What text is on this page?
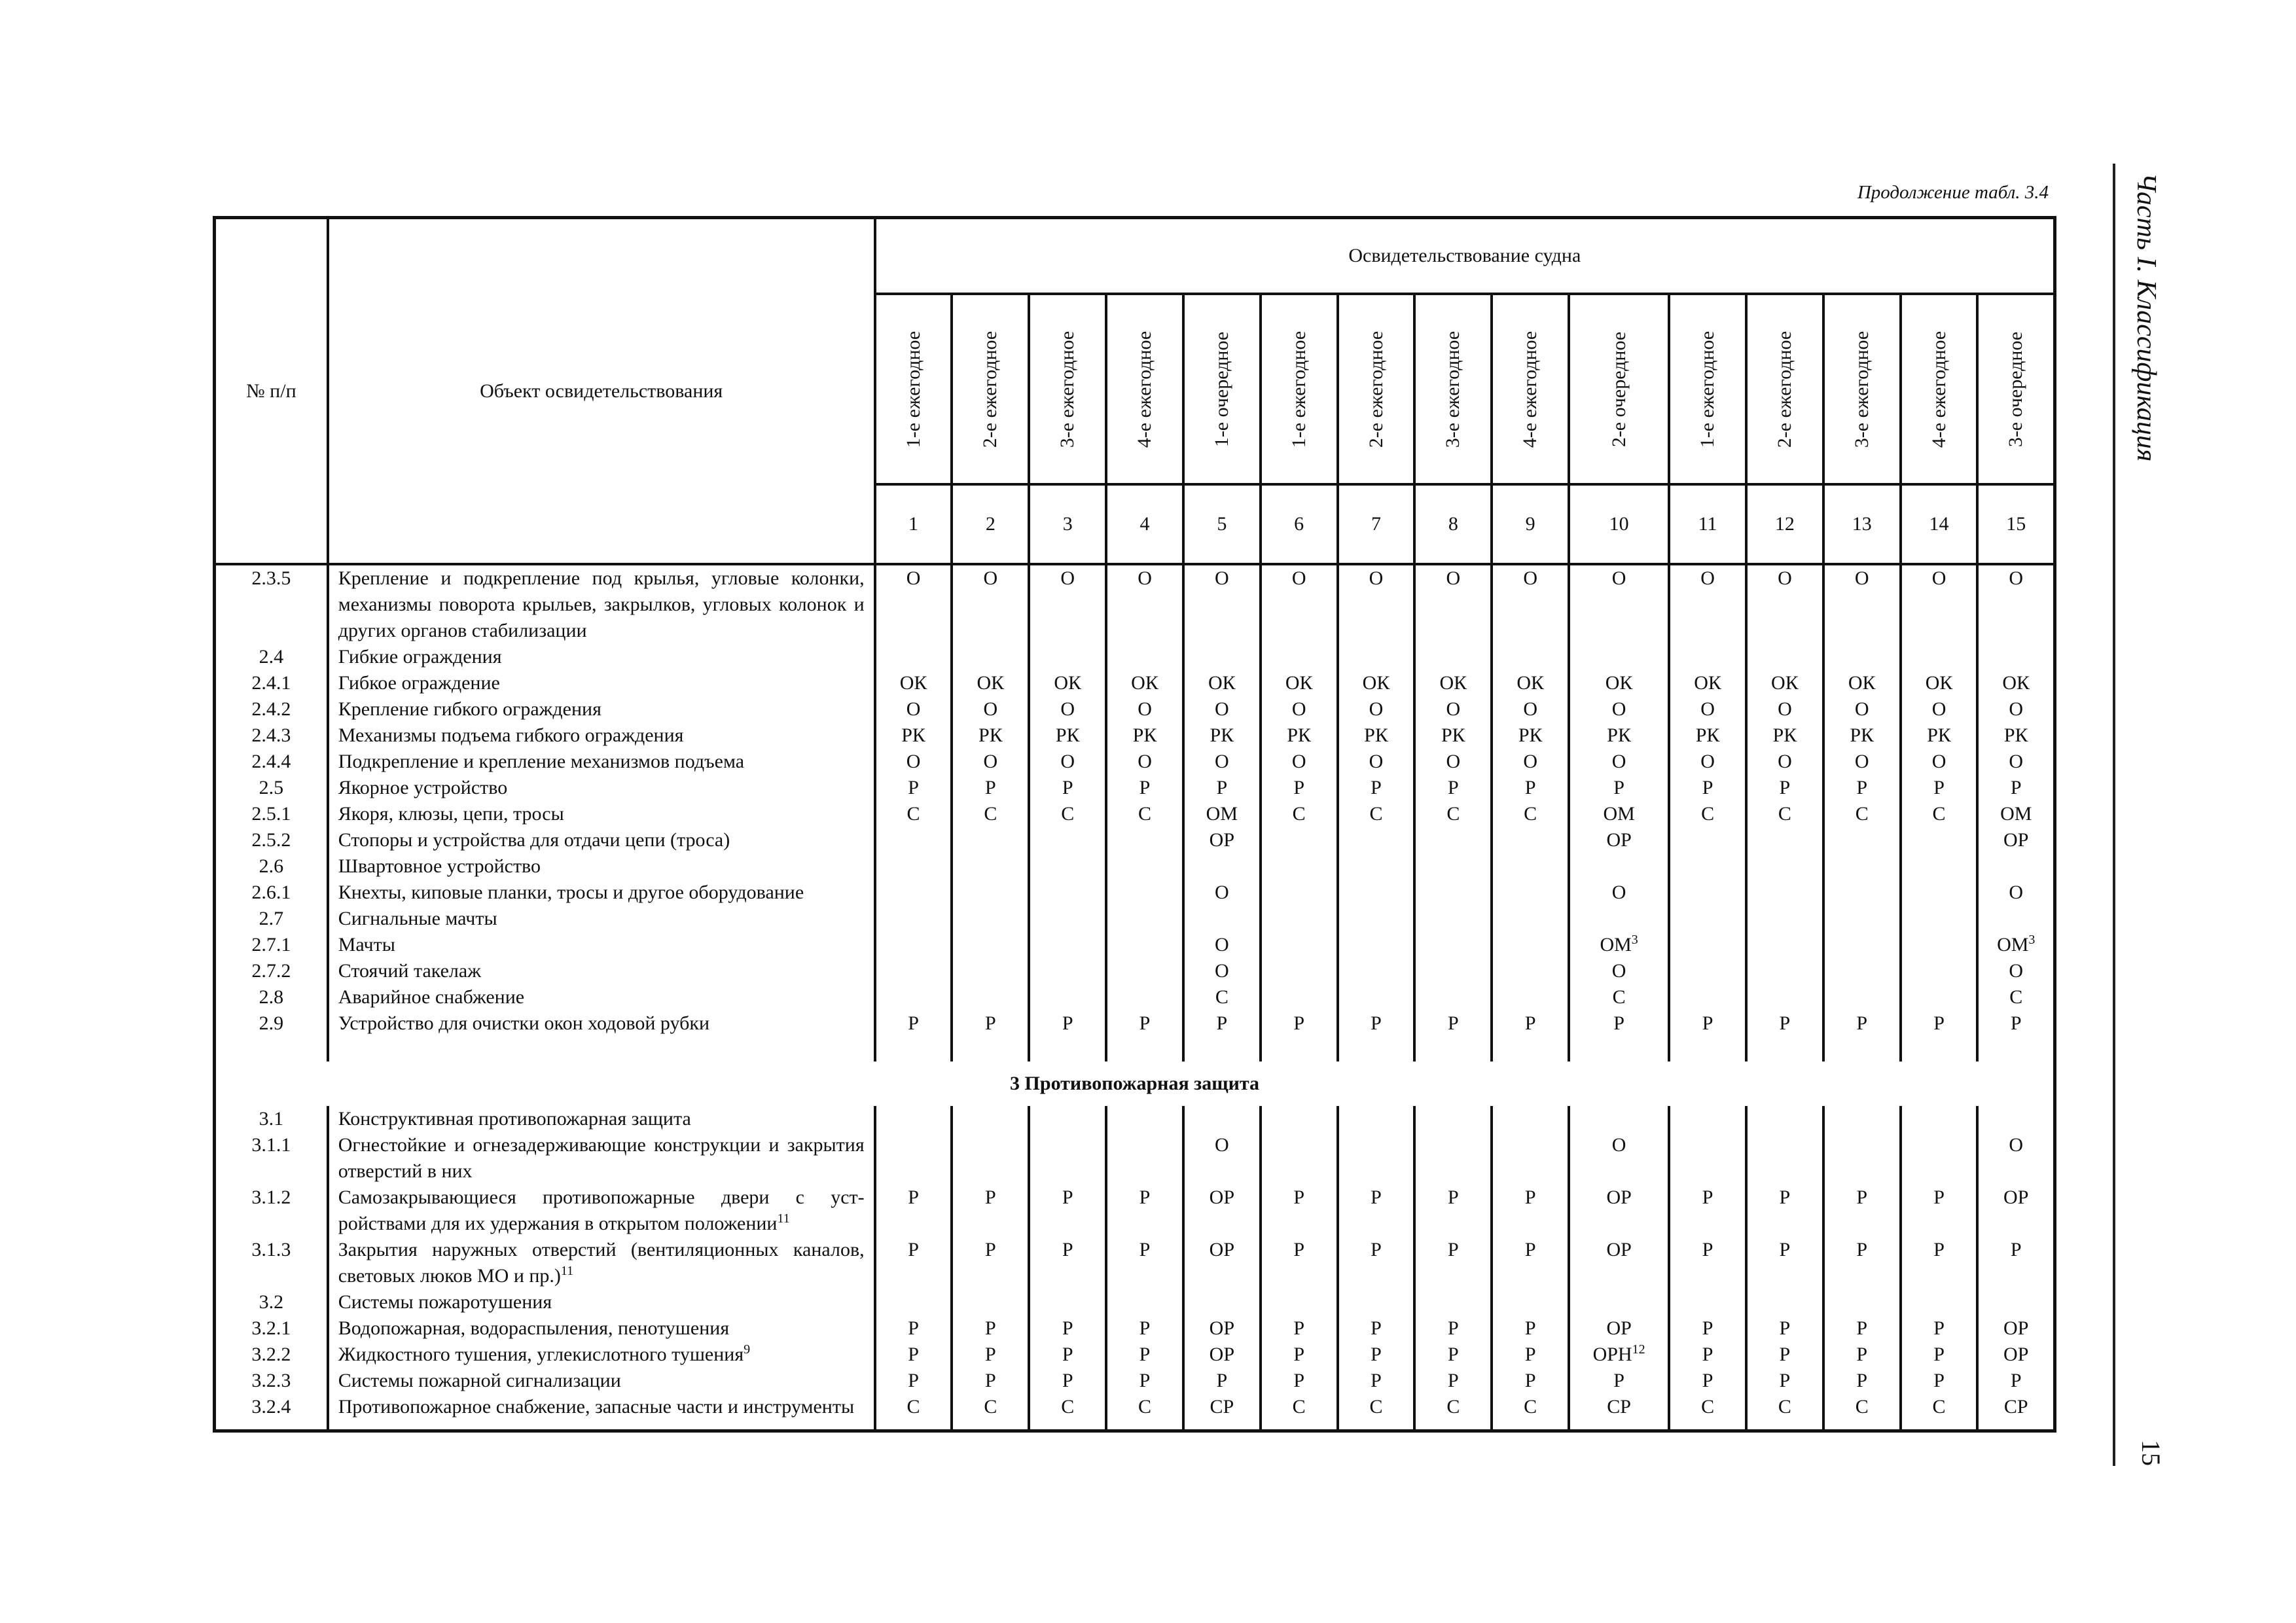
Продолжение табл. 3.4	Часть I. Классификация
15
№ п/п	Объект освидетельствования	Освидетельствование судна														

		1-е ежегодное	2-е ежегодное	3-е ежегодное	4-е ежегодное	1-е очередное	1-е ежегодное	2-е ежегодное	3-е ежегодное	4-е ежегодное	2-е очередное	1-е ежегодное	2-е ежегодное	3-е ежегодное	4-е ежегодное	3-е очередное

		1	2	3	4	5	6	7	8	9	10	11	12	13	14	15
2.3.5	Крепление и подкрепление под крылья, угловые колонки, механизмы поворота крыльев, закрылков, угловых колонок и других органов стабилизации	О	О	О	О	О	О	О	О	О	О	О	О	О	О	О
2.4	Гибкие ограждения															
2.4.1	Гибкое ограждение	ОК	ОК	ОК	ОК	ОК	ОК	ОК	ОК	ОК	ОК	ОК	ОК	ОК	ОК	ОК
2.4.2	Крепление гибкого ограждения	О	О	О	О	О	О	О	О	О	О	О	О	О	О	О
2.4.3	Механизмы подъема гибкого ограждения	РК	РК	РК	РК	РК	РК	РК	РК	РК	РК	РК	РК	РК	РК	РК
2.4.4	Подкрепление и крепление механизмов подъема	О	О	О	О	О	О	О	О	О	О	О	О	О	О	О
2.5	Якорное устройство	Р	Р	Р	Р	Р	Р	Р	Р	Р	Р	Р	Р	Р	Р	Р
2.5.1	Якоря, клюзы, цепи, тросы	С	С	С	С	ОМ	С	С	С	С	ОМ	С	С	С	С	ОМ
2.5.2	Стопоры и устройства для отдачи цепи (троса)					ОР					ОР					ОР
2.6	Швартовное устройство															
2.6.1	Кнехты, киповые планки, тросы и другое оборудование					О					О					О
2.7	Сигнальные мачты															
2.7.1	Мачты					О					$ОМ^3$					$ОМ^3$
2.7.2	Стоячий такелаж					О					О					О
2.8	Аварийное снабжение					С					С					С
2.9	Устройство для очистки окон ходовой рубки	Р	Р	Р	Р	Р	Р	Р	Р	Р	Р	Р	Р	Р	Р	Р

3 Противопожарная защита																
3.1	Конструктивная противопожарная защита															
3.1.1	Огнестойкие и огнезадерживающие конструкции и закрытия отверстий в них					О					О					О
3.1.2	Самозакрывающиеся противопожарные двери с уст-ройствами для их удержания в открытом положении$^{11}$	Р	Р	Р	Р	ОР	Р	Р	Р	Р	ОР	Р	Р	Р	Р	ОР
3.1.3	Закрытия наружных отверстий (вентиляционных каналов, световых люков МО и пр.)$^{11}$	Р	Р	Р	Р	ОР	Р	Р	Р	Р	ОР	Р	Р	Р	Р	Р
3.2	Системы пожаротушения															
3.2.1	Водопожарная, водораспыления, пенотушения	Р	Р	Р	Р	ОР	Р	Р	Р	Р	ОР	Р	Р	Р	Р	ОР
3.2.2	Жидкостного тушения, углекислотного тушения$^9$	Р	Р	Р	Р	ОР	Р	Р	Р	Р	ОРН$^{12}$	Р	Р	Р	Р	ОР
3.2.3	Системы пожарной сигнализации	Р	Р	Р	Р	Р	Р	Р	Р	Р	Р	Р	Р	Р	Р	Р
3.2.4	Противопожарное снабжение, запасные части и инструменты	С	С	С	С	СР	С	С	С	С	СР	С	С	С	С	СР
